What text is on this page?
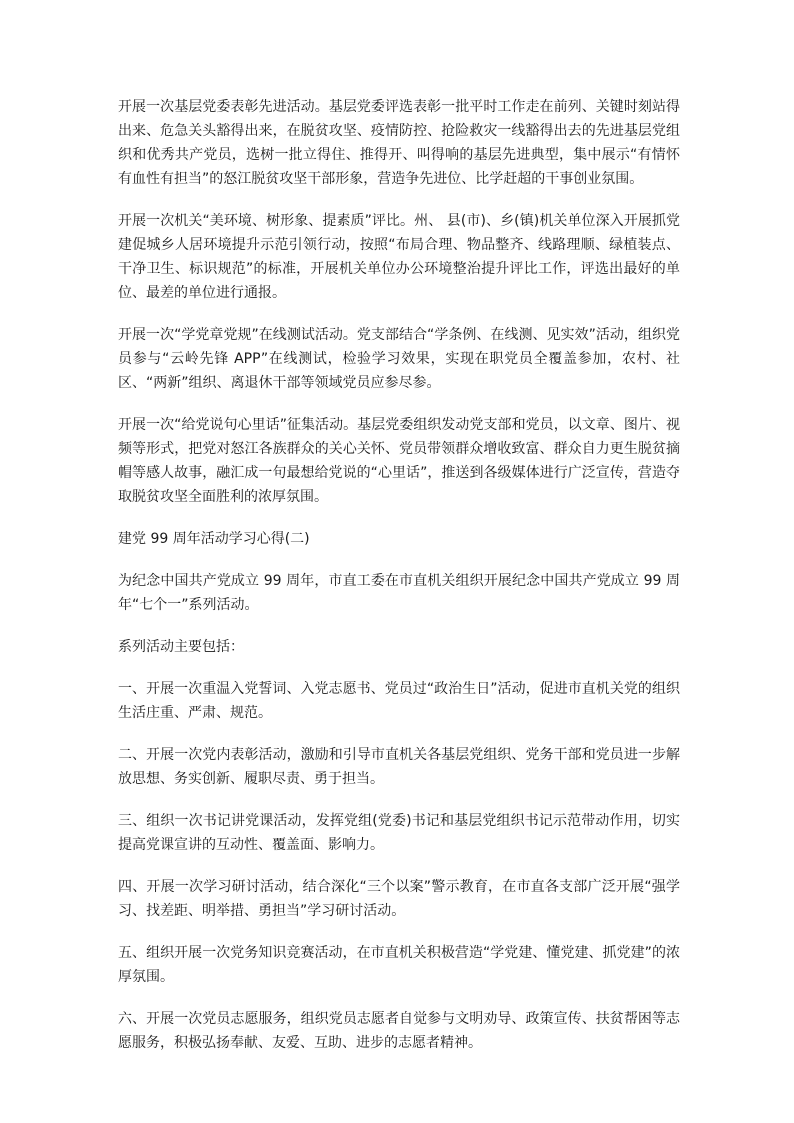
开展一次基层党委表彰先进活动。基层党委评选表彰一批平时工作走在前列、关键时刻站得出来、危急关头豁得出来，在脱贫攻坚、疫情防控、抢险救灾一线豁得出去的先进基层党组织和优秀共产党员，选树一批立得住、推得开、叫得响的基层先进典型，集中展示“有情怀有血性有担当”的怒江脱贫攻坚干部形象，营造争先进位、比学赶超的干事创业氛围。

开展一次机关“美环境、树形象、提素质”评比。州、 县(市)、乡(镇)机关单位深入开展抓党建促城乡人居环境提升示范引领行动，按照“布局合理、物品整齐、线路理顺、绿植装点、干净卫生、标识规范”的标准，开展机关单位办公环境整治提升评比工作，评选出最好的单位、最差的单位进行通报。

开展一次“学党章党规”在线测试活动。党支部结合“学条例、在线测、见实效”活动，组织党员参与“云岭先锋 APP”在线测试，检验学习效果，实现在职党员全覆盖参加，农村、社区、“两新”组织、离退休干部等领域党员应参尽参。

开展一次“给党说句心里话”征集活动。基层党委组织发动党支部和党员，以文章、图片、视频等形式，把党对怒江各族群众的关心关怀、党员带领群众增收致富、群众自力更生脱贫摘帽等感人故事，融汇成一句最想给党说的“心里话”，推送到各级媒体进行广泛宣传，营造夺取脱贫攻坚全面胜利的浓厚氛围。

建党 99 周年活动学习心得(二)

为纪念中国共产党成立 99 周年，市直工委在市直机关组织开展纪念中国共产党成立 99 周年“七个一”系列活动。

系列活动主要包括：

一、开展一次重温入党誓词、入党志愿书、党员过“政治生日”活动，促进市直机关党的组织生活庄重、严肃、规范。

二、开展一次党内表彰活动，激励和引导市直机关各基层党组织、党务干部和党员进一步解放思想、务实创新、履职尽责、勇于担当。

三、组织一次书记讲党课活动，发挥党组(党委)书记和基层党组织书记示范带动作用，切实提高党课宣讲的互动性、覆盖面、影响力。

四、开展一次学习研讨活动，结合深化“三个以案”警示教育，在市直各支部广泛开展“强学习、找差距、明举措、勇担当”学习研讨活动。

五、组织开展一次党务知识竞赛活动，在市直机关积极营造“学党建、懂党建、抓党建”的浓厚氛围。

六、开展一次党员志愿服务，组织党员志愿者自觉参与文明劝导、政策宣传、扶贫帮困等志愿服务，积极弘扬奉献、友爱、互助、进步的志愿者精神。
